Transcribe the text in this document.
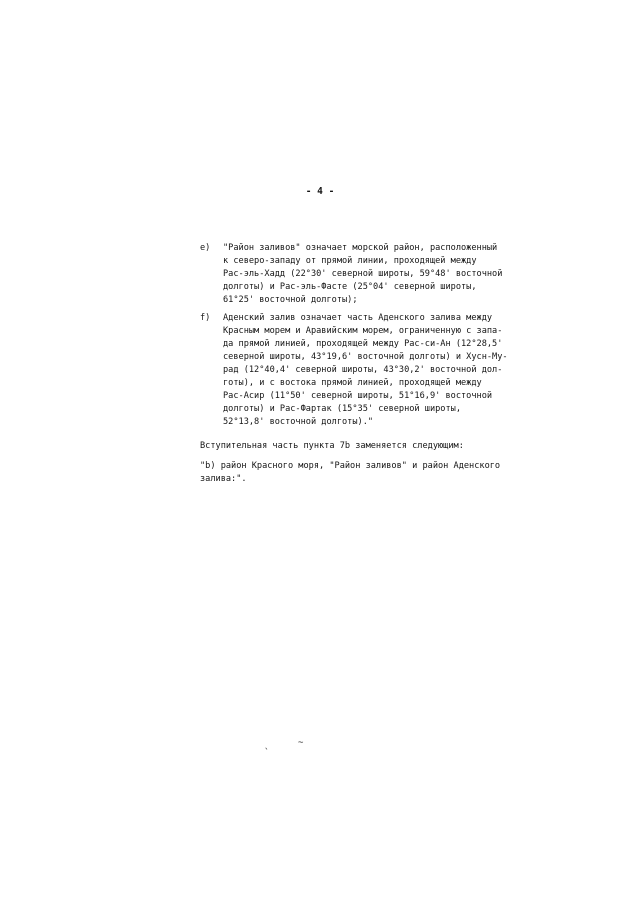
- 4 -
e) "Район заливов" означает морской район, расположенный
к северо-западу от прямой линии, проходящей между
Рас-эль-Хадд (22°30' северной широты, 59°48' восточной
долготы) и Рас-эль-Фасте (25°04' северной широты,
61°25' восточной долготы);
f) Аденский залив означает часть Аденского залива между
Красным морем и Аравийским морем, ограниченную с запа-
да прямой линией, проходящей между Рас-си-Ан (12°28,5'
северной широты, 43°19,6' восточной долготы) и Хусн-Му-
рад (12°40,4' северной широты, 43°30,2' восточной дол-
готы), и с востока прямой линией, проходящей между
Рас-Асир (11°50' северной широты, 51°16,9' восточной
долготы) и Рас-Фартак (15°35' северной широты,
52°13,8' восточной долготы)."
Вступительная часть пункта 7b заменяется следующим:
"b) район Красного моря, "Район заливов" и район Аденского
залива:".
~
`
